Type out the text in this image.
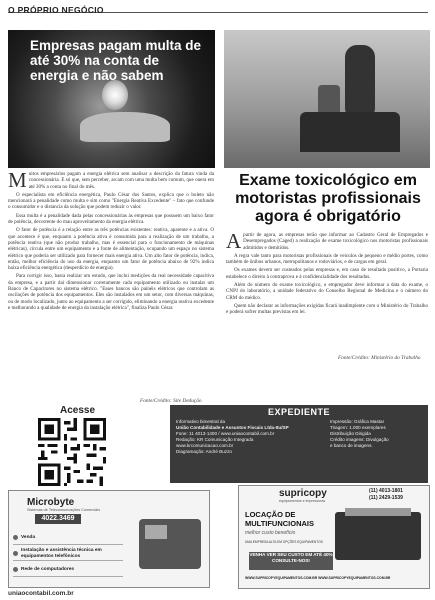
O PRÓPRIO NEGÓCIO
Empresas pagam multa de até 30% na conta de energia e não sabem

Muitos empresários pagam a energia elétrica sem analisar a descrição da fatura vinda da concessionária. E só que, sem perceber, arcam com uma multa bem comum, que onera em até 30% a conta no final do mês.

O especialista em eficiência energética, Paulo César dos Santos, explica que o boleto não mencionará a penalidade como multa e sim como "Energia Reativa Excedente" – fato que confunde o consumidor e o distancia da solução que podem reduzir o valor.

Essa multa é a penalidade dada pelas concessionárias às empresas que possuem um baixo fator de potência, decorrente do mau aproveitamento da energia elétrica.

O fator de potência é a relação entre as três potências existentes: reativa, aparente e a ativa. O que acontece é que, enquanto a potência ativa é consumida para a realização de um trabalho, a potência reativa (que não produz trabalho, mas é essencial para o funcionamento de máquinas elétricas), circula entre um equipamento e a fonte de alimentação, ocupando um espaço no sistema elétrico que poderia ser utilizado para fornecer mais energia ativa. Um alto fator de potência, indica, então, melhor eficiência do uso da energia, enquanto um fator de potência abaixo de 92% indica baixa eficiência energética (desperdício de energia).

Para corrigir isso, basta realizar um estudo, que inclui medições da real necessidade capacitiva da empresa, e a partir daí dimensionar corretamente cada equipamento utilizado ou instalar um Banco de Capacitores no sistema elétrico. "Esses bancos são painéis elétricos que controlam as oscilações de potência dos equipamentos. Eles são instalados em um setor, com diversas máquinas, ou de modo localizado, junto ao equipamento a ser corrigido, eliminando a energia reativa excedente e melhorando a qualidade de energia da instalação elétrica", finaliza Paulo César.

Fonte/Crédito: Site Dedução
Exame toxicológico em motoristas profissionais agora é obrigatório

Apartir de agora, as empresas terão que informar ao Cadastro Geral de Empregados e Desempregados (Caged) a realização de exame toxicológico nos motoristas profissionais admitidos e demitidos.

A regra vale tanto para motoristas profissionais de veículos de pequeno e médio portes, como também de ônibus urbanos, metropolitanos e rodoviários, e de cargas em geral.

Os exames devem ser custeados pelas empresas e, em caso de resultado positivo, a Portaria estabelece o direito à contraprova e à confidencialidade dos resultados.

Além do número do exame toxicológico, o empregador deve informar a data do exame, o CNPJ do laboratório, a unidade federativo do Conselho Regional de Medicina e o número do CRM do médico.

Quem não declarar as informações exigidas ficará inadimplente com o Ministério do Trabalho e poderá sofrer multas previstas em lei.

Fonte/Crédito: Ministério do Trabalho
Acesse	EXPEDIENTE
Informativo bimestral da
União Contabilidade e Assuntos Fiscais Ltda-Itu/SP
Fone: 11 4013-1400 / www.uniaocontabil.com.br
Redação: KR Comunicação Integrada
www.krcomunicacao.com.br
Diagramação: André Buzzo
Impressão: Gráfica Mastar
Tiragem: 1.000 exemplares
Distribuição Dirigida
Crédito imagens: Divulgação
e banco de imagens.
Microbyte
Sistemas de Telecomunicações Comerciais
4022.3469
Venda
Instalação e assistência técnica em equipamentos telefônicos
Rede de computadores
supricopy
equipamentos e impressoras
(11) 4013-1801
(11) 2429-1539
LOCAÇÃO DE MULTIFUNCIONAIS
melhor custo benefício
UMA EMPRESA ALTA EM OPÇÕES EQUIPAMENTOS
VENHA VER SEU CUSTO EM ATÉ 40% CONSULTE-NOS!
WWW.SUPRICOPYEQUIPAMENTOS.COM.BR WWW.SUPRICOPYEQUIPAMENTOS.COM.BR
uniaocontabil.com.br
